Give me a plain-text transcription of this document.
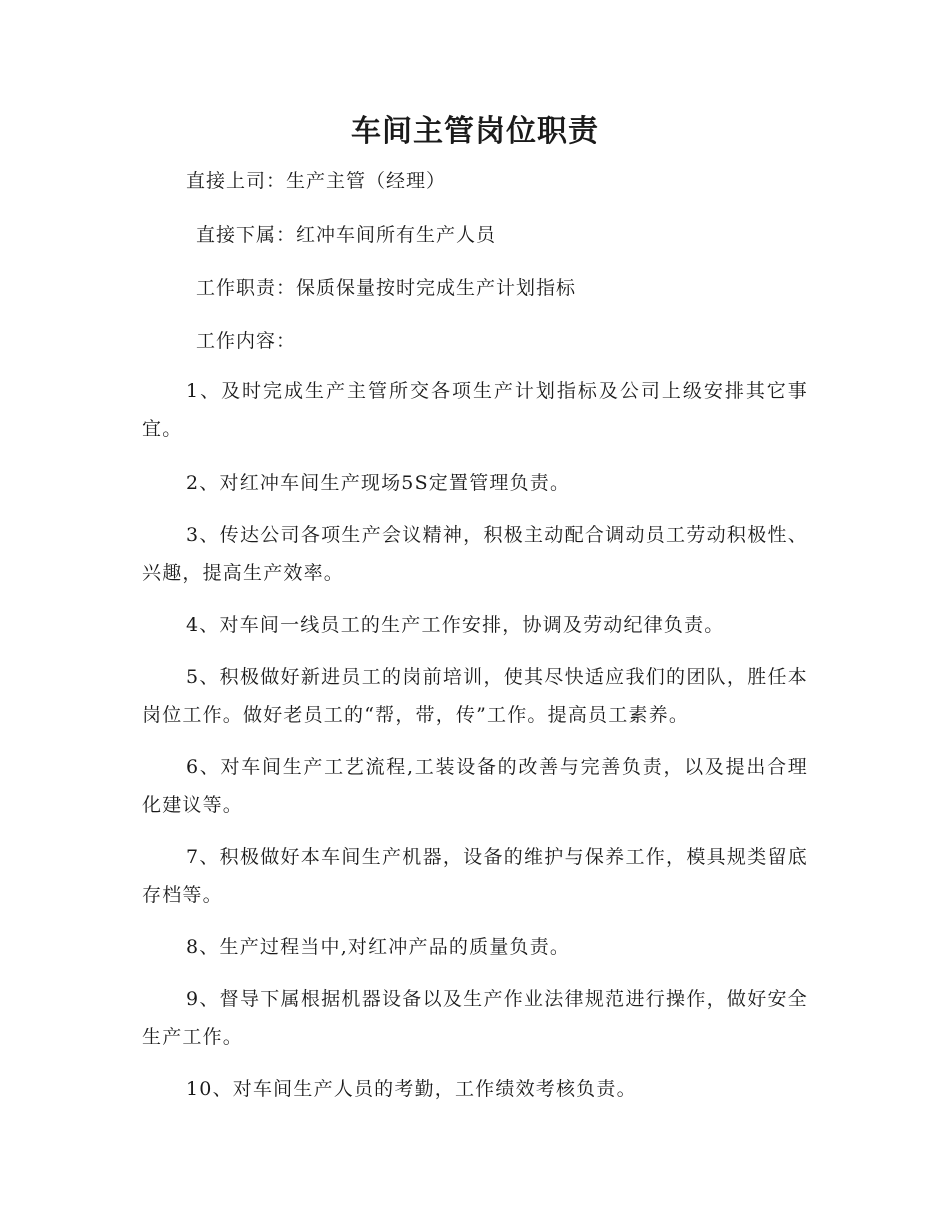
车间主管岗位职责
直接上司：生产主管（经理）
直接下属：红冲车间所有生产人员
工作职责：保质保量按时完成生产计划指标
工作内容：
1、及时完成生产主管所交各项生产计划指标及公司上级安排其它事宜。
2、对红冲车间生产现场5S定置管理负责。
3、传达公司各项生产会议精神，积极主动配合调动员工劳动积极性、兴趣，提高生产效率。
4、对车间一线员工的生产工作安排，协调及劳动纪律负责。
5、积极做好新进员工的岗前培训，使其尽快适应我们的团队，胜任本岗位工作。做好老员工的“帮，带，传”工作。提高员工素养。
6、对车间生产工艺流程,工装设备的改善与完善负责，以及提出合理化建议等。
7、积极做好本车间生产机器，设备的维护与保养工作，模具规类留底存档等。
8、生产过程当中,对红冲产品的质量负责。
9、督导下属根据机器设备以及生产作业法律规范进行操作，做好安全生产工作。
10、对车间生产人员的考勤，工作绩效考核负责。
